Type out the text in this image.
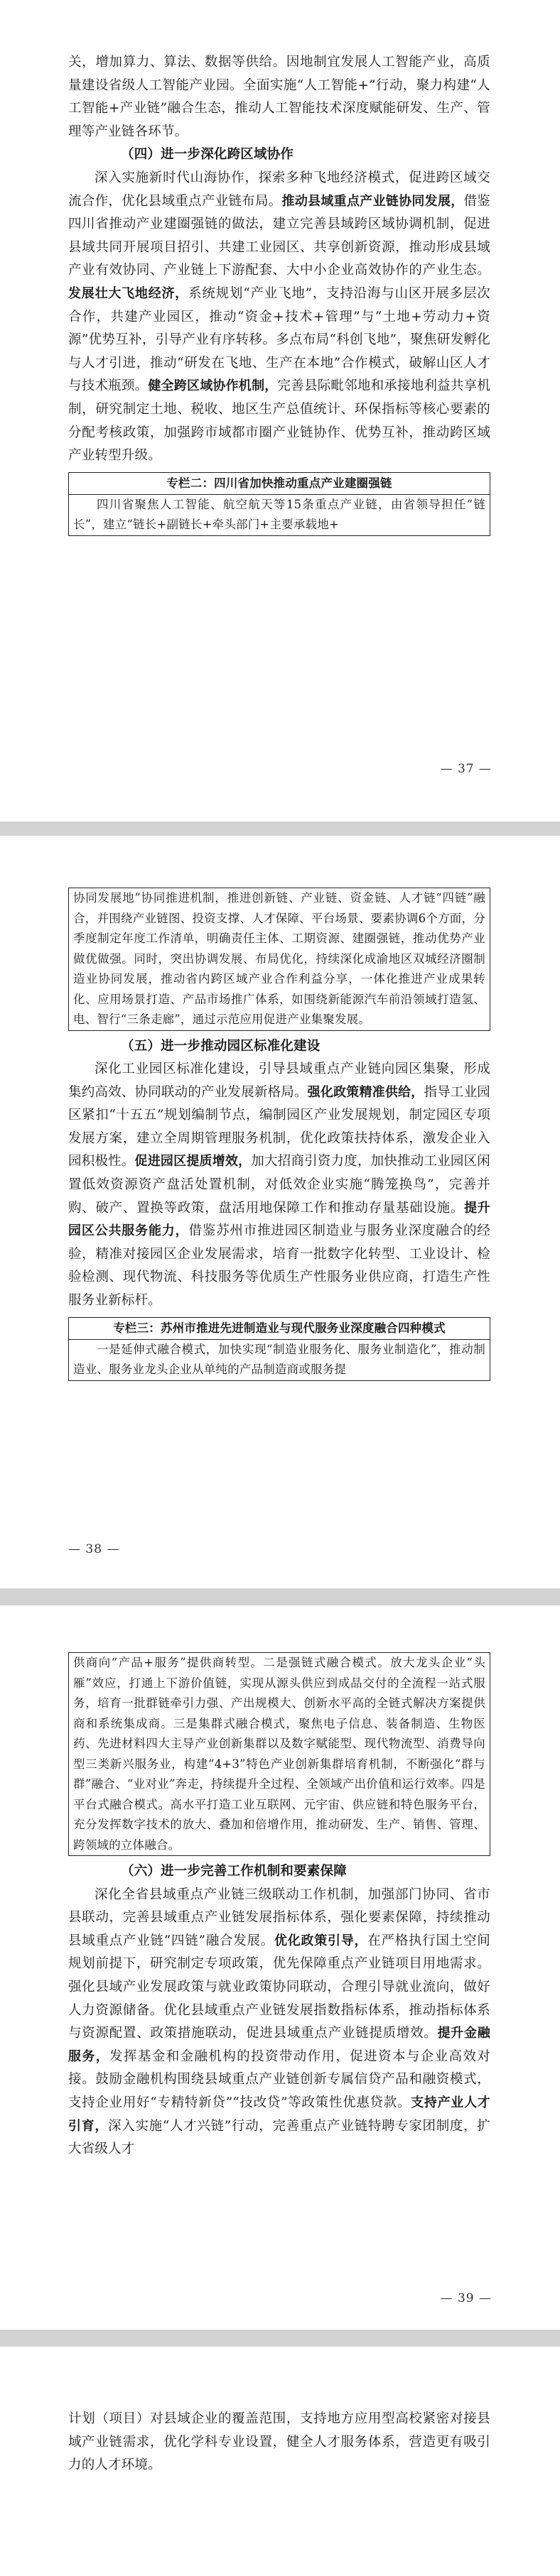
关，增加算力、算法、数据等供给。因地制宜发展人工智能产业，高质量建设省级人工智能产业园。全面实施“人工智能+”行动，聚力构建“人工智能+产业链”融合生态，推动人工智能技术深度赋能研发、生产、管理等产业链各环节。

（四）进一步深化跨区域协作

深入实施新时代山海协作，探索多种飞地经济模式，促进跨区域交流合作，优化县域重点产业链布局。推动县域重点产业链协同发展，借鉴四川省推动产业建圈强链的做法，建立完善县域跨区域协调机制，促进县域共同开展项目招引、共建工业园区、共享创新资源，推动形成县域产业有效协同、产业链上下游配套、大中小企业高效协作的产业生态。发展壮大飞地经济，系统规划“产业飞地”，支持沿海与山区开展多层次合作，共建产业园区，推动“资金+技术+管理”与“土地+劳动力+资源”优势互补，引导产业有序转移。多点布局“科创飞地”，聚焦研发孵化与人才引进，推动“研发在飞地、生产在本地”合作模式，破解山区人才与技术瓶颈。健全跨区域协作机制，完善县际毗邻地和承接地利益共享机制，研究制定土地、税收、地区生产总值统计、环保指标等核心要素的分配考核政策，加强跨市域都市圈产业链协作、优势互补，推动跨区域产业转型升级。

专栏二：四川省加快推动重点产业建圈强链
四川省聚焦人工智能、航空航天等15条重点产业链，由省领导担任“链长”，建立“链长+副链长+牵头部门+主要承载地+
— 37 —
协同发展地”协同推进机制，推进创新链、产业链、资金链、人才链“四链”融合，并围绕产业链图、投资支撑、人才保障、平台场景、要素协调6个方面，分季度制定年度工作清单，明确责任主体、工期资源、建圈强链，推动优势产业做优做强。同时，突出协调发展、布局优化，持续深化成渝地区双城经济圈制造业协同发展，推动省内跨区域产业合作利益分享，一体化推进产业成果转化、应用场景打造、产品市场推广体系，如围绕新能源汽车前沿领域打造氢、电、智行“三条走廊”，通过示范应用促进产业集聚发展。

（五）进一步推动园区标准化建设

深化工业园区标准化建设，引导县域重点产业链向园区集聚，形成集约高效、协同联动的产业发展新格局。强化政策精准供给，指导工业园区紧扣“十五五”规划编制节点，编制园区产业发展规划，制定园区专项发展方案，建立全周期管理服务机制，优化政策扶持体系，激发企业入园积极性。促进园区提质增效，加大招商引资力度，加快推动工业园区闲置低效资源资产盘活处置机制，对低效企业实施“腾笼换鸟”，完善并购、破产、置换等政策，盘活用地保障工作和推动存量基础设施。提升园区公共服务能力，借鉴苏州市推进园区制造业与服务业深度融合的经验，精准对接园区企业发展需求，培育一批数字化转型、工业设计、检验检测、现代物流、科技服务等优质生产性服务业供应商，打造生产性服务业新标杆。

专栏三：苏州市推进先进制造业与现代服务业深度融合四种模式
一是延伸式融合模式，加快实现“制造业服务化、服务业制造化”，推动制造业、服务业龙头企业从单纯的产品制造商或服务提
— 38 —
供商向“产品+服务”提供商转型。二是强链式融合模式。放大龙头企业“头雁”效应，打通上下游价值链，实现从源头供应到成品交付的全流程一站式服务，培育一批群链牵引力强、产出规模大、创新水平高的全链式解决方案提供商和系统集成商。三是集群式融合模式，聚焦电子信息、装备制造、生物医药、先进材料四大主导产业创新集群以及数字赋能型、现代物流型、消费导向型三类新兴服务业，构建“4+3”特色产业创新集群培育机制，不断强化“群与群”融合、“业对业”奔走，持续提升全过程、全领域产出价值和运行效率。四是平台式融合模式。高水平打造工业互联网、元宇宙、供应链和特色服务平台，充分发挥数字技术的放大、叠加和倍增作用，推动研发、生产、销售、管理、跨领域的立体融合。

（六）进一步完善工作机制和要素保障

深化全省县域重点产业链三级联动工作机制，加强部门协同、省市县联动，完善县域重点产业链发展指标体系，强化要素保障，持续推动县域重点产业链“四链”融合发展。优化政策引导，在严格执行国土空间规划前提下，研究制定专项政策，优先保障重点产业链项目用地需求。强化县域产业发展政策与就业政策协同联动，合理引导就业流向，做好人力资源储备。优化县域重点产业链发展指数指标体系，推动指标体系与资源配置、政策措施联动，促进县域重点产业链提质增效。提升金融服务，发挥基金和金融机构的投资带动作用，促进资本与企业高效对接。鼓励金融机构围绕县域重点产业链创新专属信贷产品和融资模式，支持企业用好“专精特新贷”“技改贷”等政策性优惠贷款。支持产业人才引育，深入实施“人才兴链”行动，完善重点产业链特聘专家团制度，扩大省级人才

— 39 —

计划（项目）对县域企业的覆盖范围，支持地方应用型高校紧密对接县域产业链需求，优化学科专业设置，健全人才服务体系，营造更有吸引力的人才环境。
